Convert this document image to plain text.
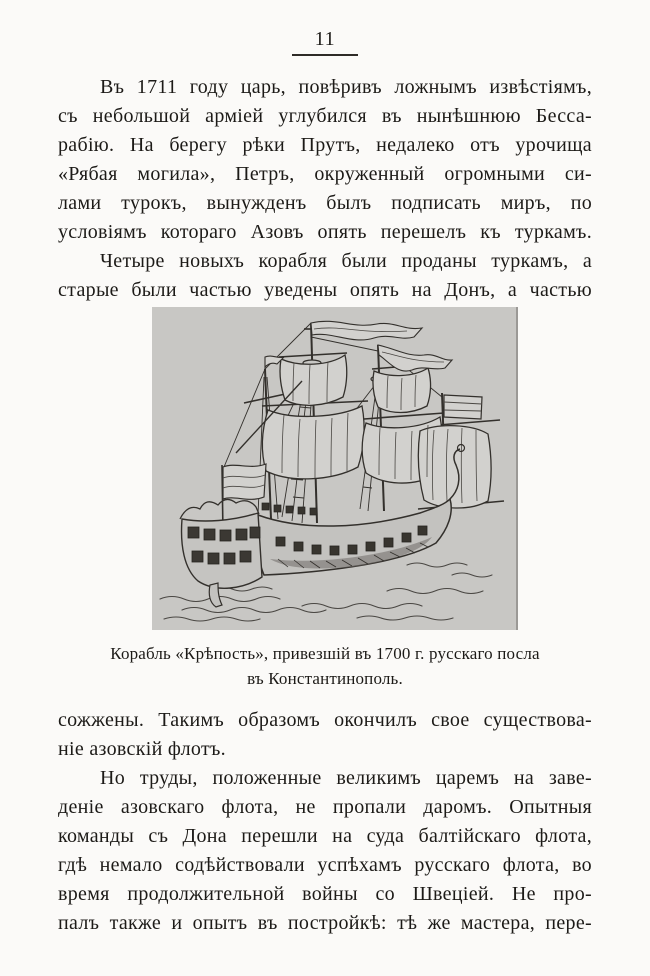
11
Въ 1711 году царь, повѣривъ ложнымъ извѣстіямъ,
съ небольшой арміей углубился въ нынѣшнюю Бесса-
рабію. На берегу рѣки Прутъ, недалеко отъ урочища
«Рябая могила», Петръ, окруженный огромными си-
лами турокъ, вынужденъ былъ подписать миръ, по
условіямъ котораго Азовъ опять перешелъ къ туркамъ.
Четыре новыхъ корабля были проданы туркамъ, а
старые были частью уведены опять на Донъ, а частью
Корабль «Крѣпость», привезшій въ 1700 г. русскаго посла
въ Константинополь.
сожжены. Такимъ образомъ окончилъ свое существова-
ніе азовскій флотъ.
Но труды, положенные великимъ царемъ на заве-
деніе азовскаго флота, не пропали даромъ. Опытныя
команды съ Дона перешли на суда балтійскаго флота,
гдѣ немало содѣйствовали успѣхамъ русскаго флота, во
время продолжительной войны со Швеціей. Не про-
палъ также и опытъ въ постройкѣ: тѣ же мастера, пере-
